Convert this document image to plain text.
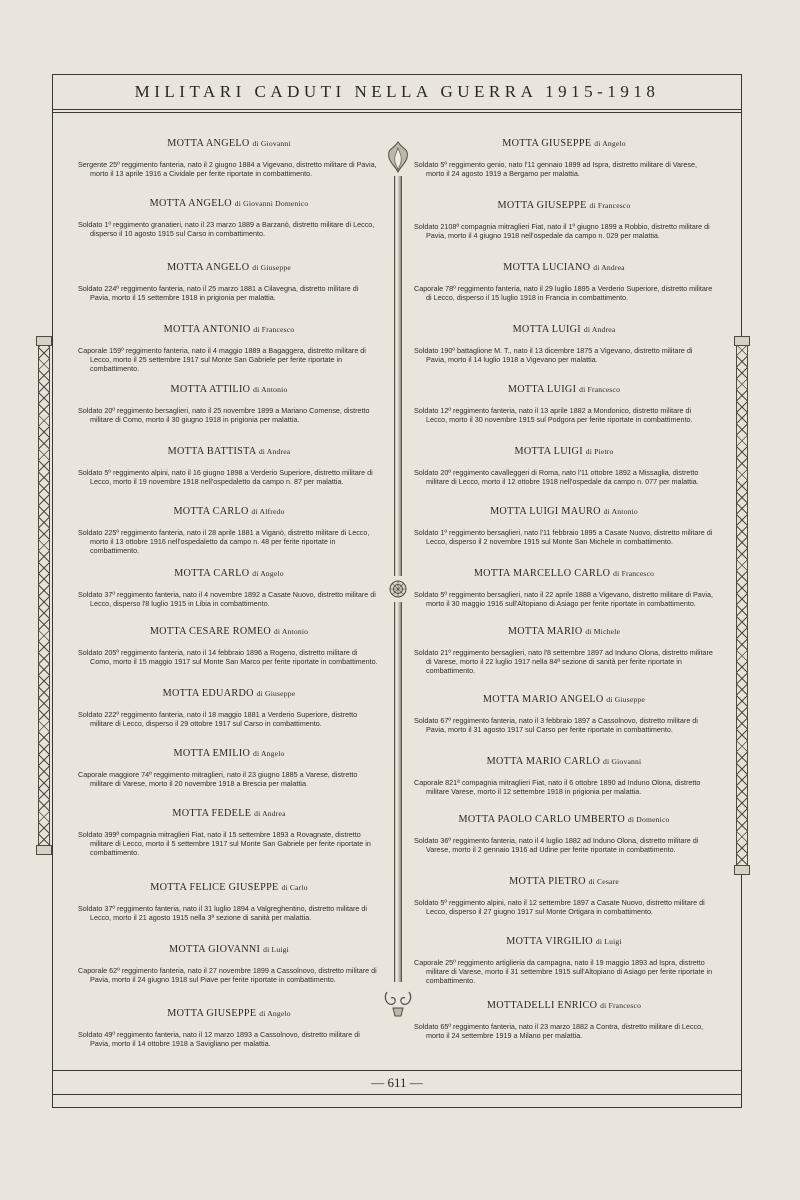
MILITARI CADUTI NELLA GUERRA 1915-1918
MOTTA ANGELO di Giovanni

Sergente 25º reggimento fanteria, nato il 2 giugno 1884 a Vigevano, distretto militare di Pavia, morto il 13 aprile 1916 a Cividale per ferite riportate in combattimento.

MOTTA ANGELO di Giovanni Domenico

Soldato 1º reggimento granatieri, nato il 23 marzo 1889 a Barzanò, distretto militare di Lecco, disperso il 10 agosto 1915 sul Carso in combattimento.

MOTTA ANGELO di Giuseppe

Soldato 224º reggimento fanteria, nato il 25 marzo 1881 a Cilavegna, distretto militare di Pavia, morto il 15 settembre 1918 in prigionia per malattia.

MOTTA ANTONIO di Francesco

Caporale 159º reggimento fanteria, nato il 4 maggio 1889 a Bagaggera, distretto militare di Lecco, morto il 25 settembre 1917 sul Monte San Gabriele per ferite riportate in combattimento.

MOTTA ATTILIO di Antonio

Soldato 20º reggimento bersaglieri, nato il 25 novembre 1899 a Mariano Comense, distretto militare di Como, morto il 30 giugno 1918 in prigionia per malattia.

MOTTA BATTISTA di Andrea

Soldato 5º reggimento alpini, nato il 16 giugno 1898 a Verderio Superiore, distretto militare di Lecco, morto il 19 novembre 1918 nell'ospedaletto da campo n. 87 per malattia.

MOTTA CARLO di Alfredo

Soldato 225º reggimento fanteria, nato il 28 aprile 1881 a Viganò, distretto militare di Lecco, morto il 13 ottobre 1916 nell'ospedaletto da campo n. 48 per ferite riportate in combattimento.

MOTTA CARLO di Angelo

Soldato 37º reggimento fanteria, nato il 4 novembre 1892 a Casate Nuovo, distretto militare di Lecco, disperso l'8 luglio 1915 in Libia in combattimento.

MOTTA CESARE ROMEO di Antonio

Soldato 205º reggimento fanteria, nato il 14 febbraio 1896 a Rogeno, distretto militare di Como, morto il 15 maggio 1917 sul Monte San Marco per ferite riportate in combattimento.

MOTTA EDUARDO di Giuseppe

Soldato 222º reggimento fanteria, nato il 18 maggio 1881 a Verderio Superiore, distretto militare di Lecco, disperso il 29 ottobre 1917 sul Carso in combattimento.

MOTTA EMILIO di Angelo

Caporale maggiore 74º reggimento mitraglieri, nato il 23 giugno 1885 a Varese, distretto militare di Varese, morto il 20 novembre 1918 a Brescia per malattia.

MOTTA FEDELE di Andrea

Soldato 399ª compagnia mitraglieri Fiat, nato il 15 settembre 1893 a Rovagnate, distretto militare di Lecco, morto il 5 settembre 1917 sul Monte San Gabriele per ferite riportate in combattimento.

MOTTA FELICE GIUSEPPE di Carlo

Soldato 37º reggimento fanteria, nato il 31 luglio 1894 a Valgreghentino, distretto militare di Lecco, morto il 21 agosto 1915 nella 3ª sezione di sanità per malattia.

MOTTA GIOVANNI di Luigi

Caporale 62º reggimento fanteria, nato il 27 novembre 1899 a Cassolnovo, distretto militare di Pavia, morto il 24 giugno 1918 sul Piave per ferite riportate in combattimento.

MOTTA GIUSEPPE di Angelo

Soldato 49º reggimento fanteria, nato il 12 marzo 1893 a Cassolnovo, distretto militare di Pavia, morto il 14 ottobre 1918 a Savigliano per malattia.

MOTTA GIUSEPPE di Angelo

Soldato 5º reggimento genio, nato l'11 gennaio 1899 ad Ispra, distretto militare di Varese, morto il 24 agosto 1919 a Bergamo per malattia.

MOTTA GIUSEPPE di Francesco

Soldato 2108ª compagnia mitraglieri Fiat, nato il 1º giugno 1899 a Robbio, distretto militare di Pavia, morto il 4 giugno 1918 nell'ospedale da campo n. 029 per malattia.

MOTTA LUCIANO di Andrea

Caporale 78º reggimento fanteria, nato il 29 luglio 1895 a Verderio Superiore, distretto militare di Lecco, disperso il 15 luglio 1918 in Francia in combattimento.

MOTTA LUIGI di Andrea

Soldato 190º battaglione M. T., nato il 13 dicembre 1875 a Vigevano, distretto militare di Pavia, morto il 14 luglio 1918 a Vigevano per malattia.

MOTTA LUIGI di Francesco

Soldato 12º reggimento fanteria, nato il 13 aprile 1882 a Mondonico, distretto militare di Lecco, morto il 30 novembre 1915 sul Podgora per ferite riportate in combattimento.

MOTTA LUIGI di Pietro

Soldato 20º reggimento cavalleggeri di Roma, nato l'11 ottobre 1892 a Missaglia, distretto militare di Lecco, morto il 12 ottobre 1918 nell'ospedale da campo n. 077 per malattia.

MOTTA LUIGI MAURO di Antonio

Soldato 1º reggimento bersaglieri, nato l'11 febbraio 1895 a Casate Nuovo, distretto militare di Lecco, disperso il 2 novembre 1915 sul Monte San Michele in combattimento.

MOTTA MARCELLO CARLO di Francesco

Soldato 5º reggimento bersaglieri, nato il 22 aprile 1888 a Vigevano, distretto militare di Pavia, morto il 30 maggio 1916 sull'Altopiano di Asiago per ferite riportate in combattimento.

MOTTA MARIO di Michele

Soldato 21º reggimento bersaglieri, nato l'8 settembre 1897 ad Induno Olona, distretto militare di Varese, morto il 22 luglio 1917 nella 84ª sezione di sanità per ferite riportate in combattimento.

MOTTA MARIO ANGELO di Giuseppe

Soldato 67º reggimento fanteria, nato il 3 febbraio 1897 a Cassolnovo, distretto militare di Pavia, morto il 31 agosto 1917 sul Carso per ferite riportate in combattimento.

MOTTA MARIO CARLO di Giovanni

Caporale 821ª compagnia mitraglieri Fiat, nato il 6 ottobre 1890 ad Induno Olona, distretto militare Varese, morto il 12 settembre 1918 in prigionia per malattia.

MOTTA PAOLO CARLO UMBERTO di Domenico

Soldato 36º reggimento fanteria, nato il 4 luglio 1882 ad Induno Olona, distretto militare di Varese, morto il 2 gennaio 1916 ad Udine per ferite riportate in combattimento.

MOTTA PIETRO di Cesare

Soldato 5º reggimento alpini, nato il 12 settembre 1897 a Casate Nuovo, distretto militare di Lecco, disperso il 27 giugno 1917 sul Monte Ortigara in combattimento.

MOTTA VIRGILIO di Luigi

Caporale 25º reggimento artiglieria da campagna, nato il 19 maggio 1893 ad Ispra, distretto militare di Varese, morto il 31 settembre 1915 sull'Altopiano di Asiago per ferite riportate in combattimento.

MOTTADELLI ENRICO di Francesco

Soldato 65º reggimento fanteria, nato il 23 marzo 1882 a Contra, distretto militare di Lecco, morto il 24 settembre 1919 a Milano per malattia.

— 611 —
